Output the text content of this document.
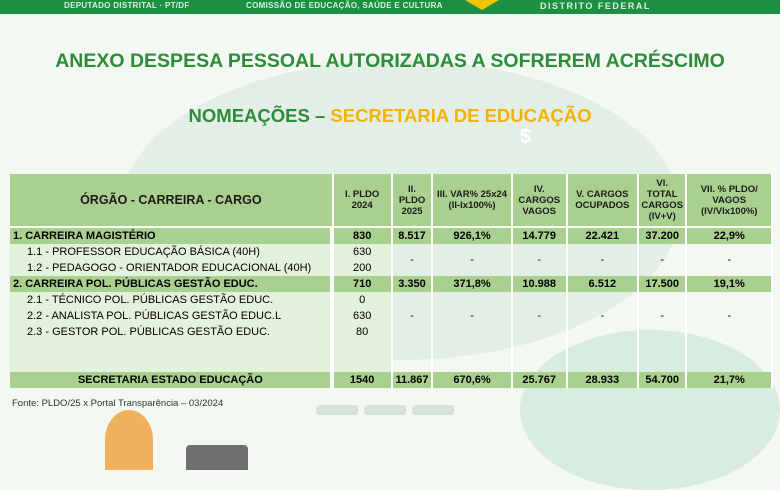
DEPUTADO DISTRITAL · PT/DF	COMISSÃO DE EDUCAÇÃO, SAÚDE E CULTURA	DISTRITO FEDERAL
$
ANEXO DESPESA PESSOAL AUTORIZADAS A SOFREREM ACRÉSCIMO
NOMEAÇÕES – SECRETARIA DE EDUCAÇÃO
ÓRGÃO - CARREIRA - CARGO	I. PLDO 2024	II. PLDO 2025	III. VAR% 25x24 (II-Ix100%)	IV. CARGOS VAGOS	V. CARGOS OCUPADOS	VI. TOTAL CARGOS (IV+V)	VII. % PLDO/ VAGOS (IV/VIx100%)

1. CARREIRA MAGISTÉRIO	830	8.517	926,1%	14.779	22.421	37.200	22,9%
1.1 - PROFESSOR EDUCAÇÃO BÁSICA (40H)	630	-	-	-	-	-	-
1.2 - PEDAGOGO - ORIENTADOR EDUCACIONAL (40H)	200						
2. CARREIRA POL. PÚBLICAS GESTÃO EDUC.	710	3.350	371,8%	10.988	6.512	17.500	19,1%
2.1 - TÉCNICO POL. PÚBLICAS GESTÃO EDUC.	0	-	-	-	-	-	-
2.2 - ANALISTA POL. PÚBLICAS GESTÃO EDUC.L	630						
2.3 - GESTOR POL. PÚBLICAS GESTÃO EDUC.	80						

SECRETARIA ESTADO EDUCAÇÃO	1540	11.867	670,6%	25.767	28.933	54.700	21,7%
Fonte: PLDO/25 x Portal Transparência – 03/2024
